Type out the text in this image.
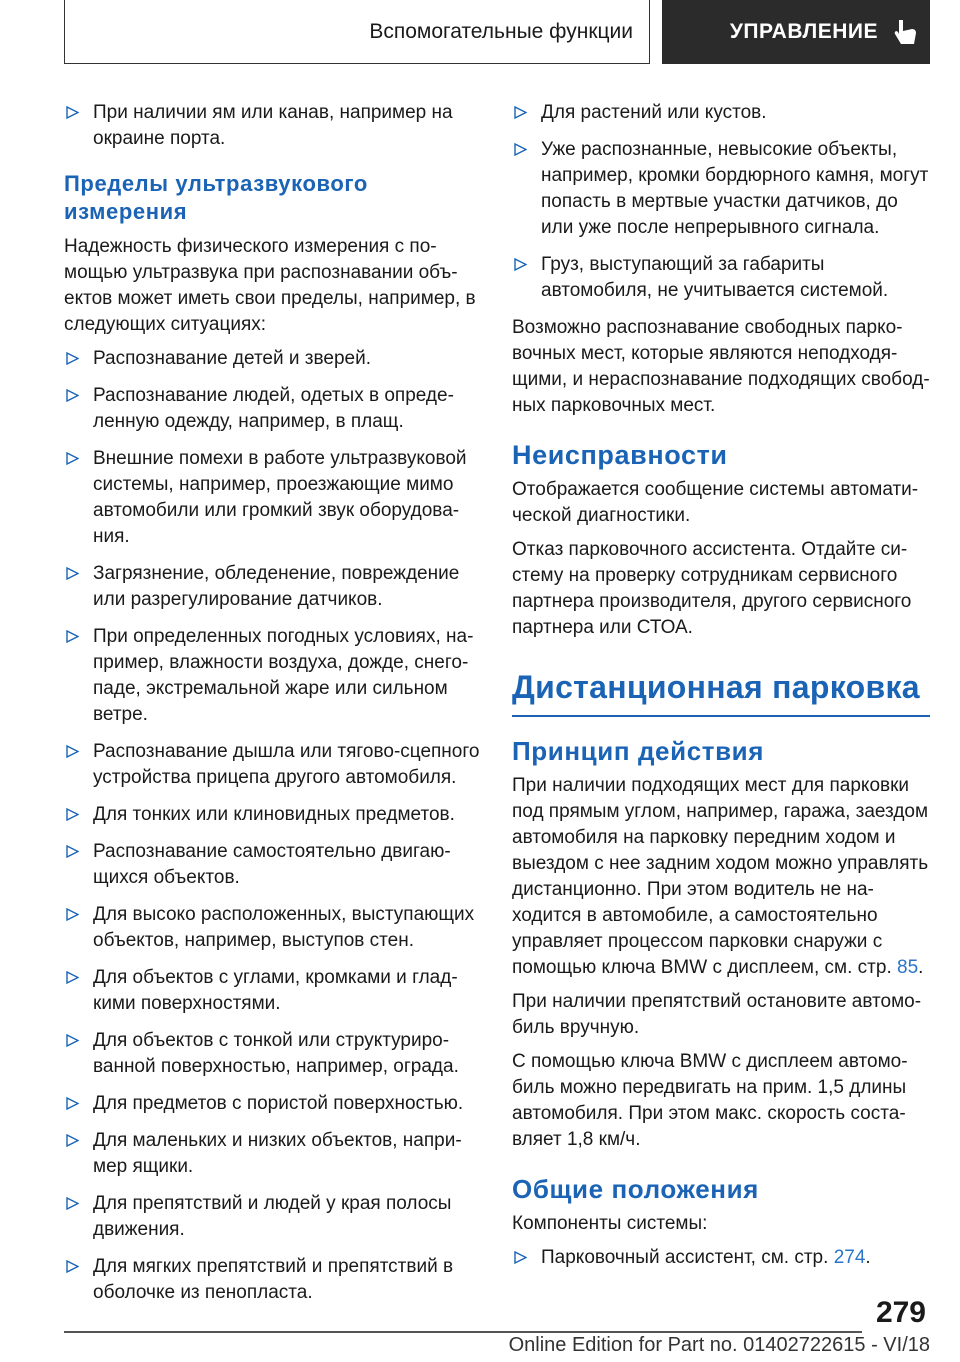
Вспомогательные функции	УПРАВЛЕНИЕ
При наличии ям или канав, например на окраине порта.
Пределы ультразвукового измерения

Надежность физического измерения с помощью ультразвука при распознавании объектов может иметь свои пределы, например, в следующих ситуациях:

Распознавание детей и зверей.
Распознавание людей, одетых в определенную одежду, например, в плащ.
Внешние помехи в работе ультразвуковой системы, например, проезжающие мимо автомобили или громкий звук оборудования.
Загрязнение, обледенение, повреждение или разрегулирование датчиков.
При определенных погодных условиях, например, влажности воздуха, дожде, снегопаде, экстремальной жаре или сильном ветре.
Распознавание дышла или тягово-сцепного устройства прицепа другого автомобиля.
Для тонких или клиновидных предметов.
Распознавание самостоятельно двигающихся объектов.
Для высоко расположенных, выступающих объектов, например, выступов стен.
Для объектов с углами, кромками и гладкими поверхностями.
Для объектов с тонкой или структурированной поверхностью, например, ограда.
Для предметов с пористой поверхностью.
Для маленьких и низких объектов, например ящики.
Для препятствий и людей у края полосы движения.
Для мягких препятствий и препятствий в оболочке из пенопласта.
Для растений или кустов.
Уже распознанные, невысокие объекты, например, кромки бордюрного камня, могут попасть в мертвые участки датчиков, до или уже после непрерывного сигнала.
Груз, выступающий за габариты автомобиля, не учитывается системой.

Возможно распознавание свободных парковочных мест, которые являются неподходящими, и нераспознавание подходящих свободных парковочных мест.

Неисправности

Отображается сообщение системы автоматической диагностики.

Отказ парковочного ассистента. Отдайте систему на проверку сотрудникам сервисного партнера производителя, другого сервисного партнера или СТОА.

Дистанционная парковка
Принцип действия

При наличии подходящих мест для парковки под прямым углом, например, гаража, заездом автомобиля на парковку передним ходом и выездом с нее задним ходом можно управлять дистанционно. При этом водитель не находится в автомобиле, а самостоятельно управляет процессом парковки снаружи с помощью ключа BMW с дисплеем, см. стр. 85.

При наличии препятствий остановите автомобиль вручную.

С помощью ключа BMW с дисплеем автомобиль можно передвигать на прим. 1,5 длины автомобиля. При этом макс. скорость составляет 1,8 км/ч.

Общие положения

Компоненты системы:

Парковочный ассистент, см. стр. 274.
279
Online Edition for Part no. 01402722615 - VI/18
